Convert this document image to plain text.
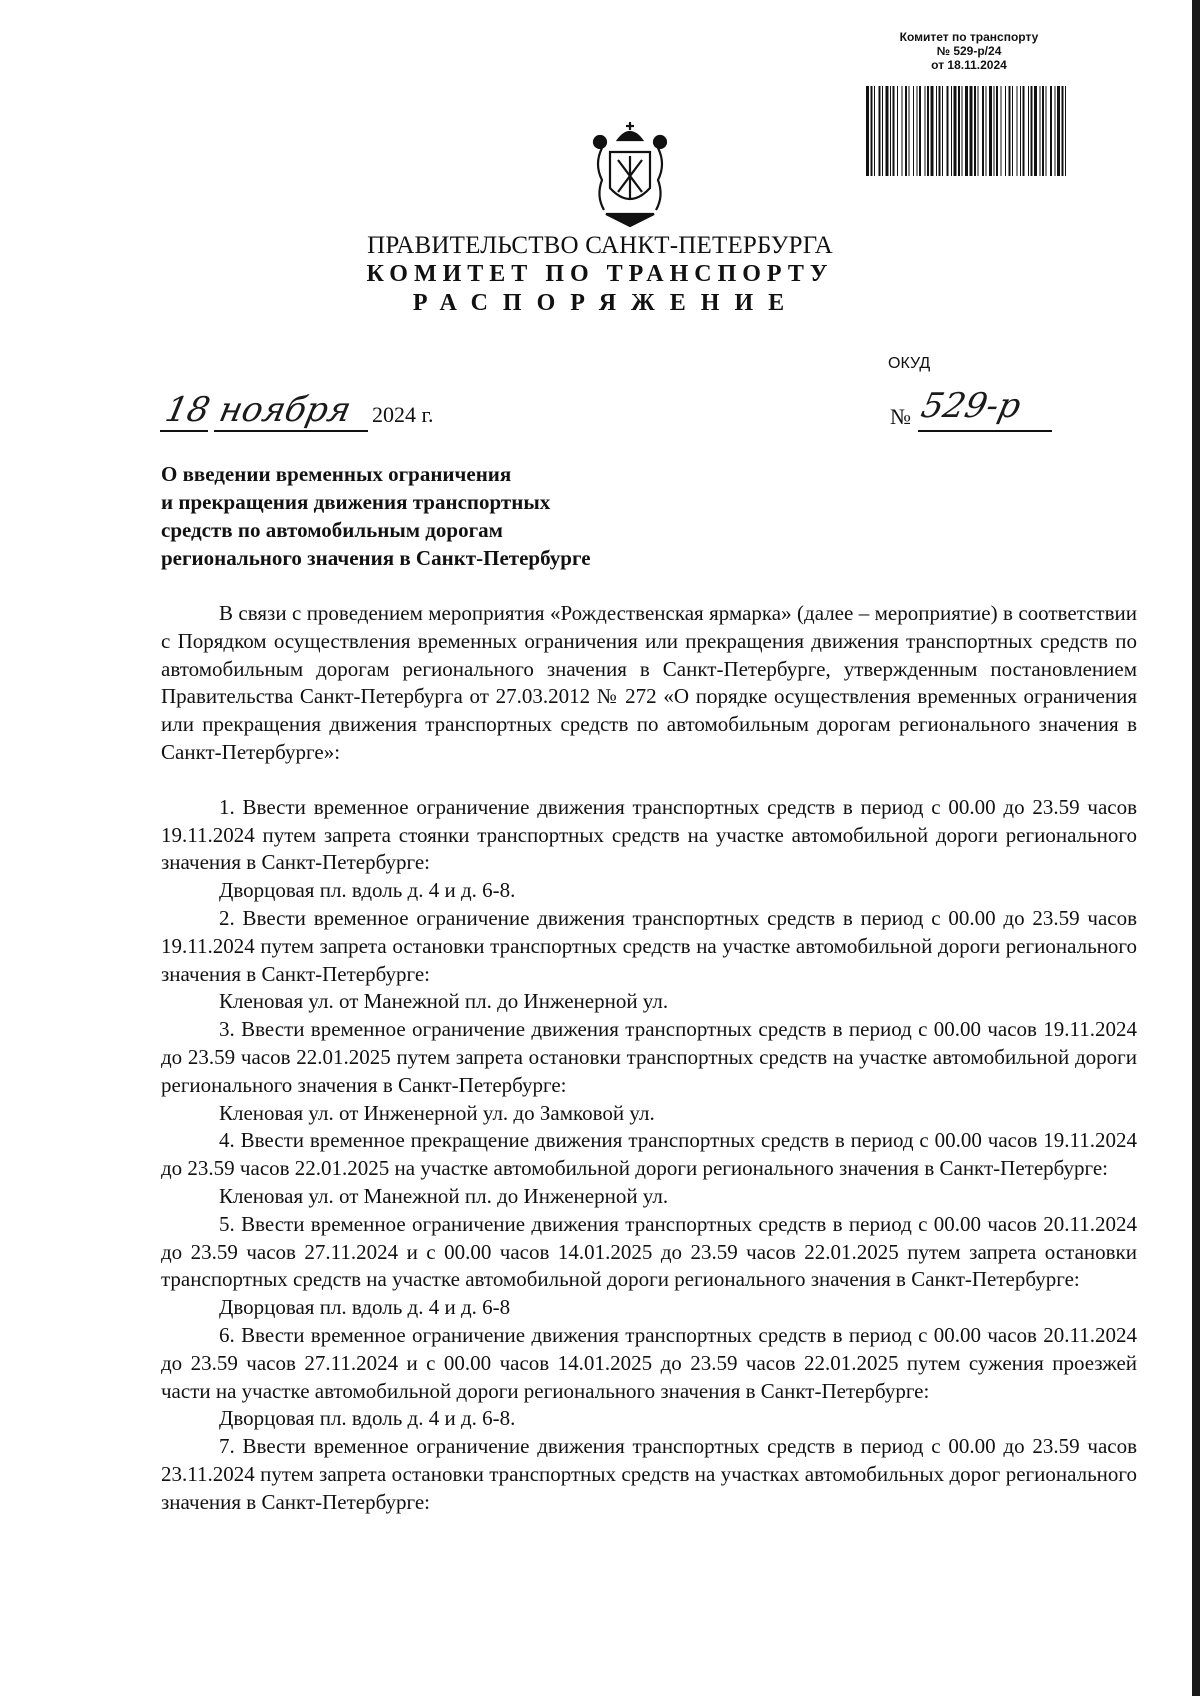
Комитет по транспорту
№ 529-р/24
от 18.11.2024
ПРАВИТЕЛЬСТВО САНКТ-ПЕТЕРБУРГА
КОМИТЕТ ПО ТРАНСПОРТУ
РАСПОРЯЖЕНИЕ
ОКУД
18 ноября 2024 г.	№ 529-р
О введении временных ограничения
и прекращения движения транспортных
средств по автомобильным дорогам
регионального значения в Санкт-Петербурге

В связи с проведением мероприятия «Рождественская ярмарка» (далее – мероприятие) в соответствии с Порядком осуществления временных ограничения или прекращения движения транспортных средств по автомобильным дорогам регионального значения в Санкт-Петербурге, утвержденным постановлением Правительства Санкт-Петербурга от 27.03.2012 № 272 «О порядке осуществления временных ограничения или прекращения движения транспортных средств по автомобильным дорогам регионального значения в Санкт-Петербурге»:

1. Ввести временное ограничение движения транспортных средств в период с 00.00 до 23.59 часов 19.11.2024 путем запрета стоянки транспортных средств на участке автомобильной дороги регионального значения в Санкт-Петербурге:

Дворцовая пл. вдоль д. 4 и д. 6-8.

2. Ввести временное ограничение движения транспортных средств в период с 00.00 до 23.59 часов 19.11.2024 путем запрета остановки транспортных средств на участке автомобильной дороги регионального значения в Санкт-Петербурге:

Кленовая ул. от Манежной пл. до Инженерной ул.

3. Ввести временное ограничение движения транспортных средств в период с 00.00 часов 19.11.2024 до 23.59 часов 22.01.2025 путем запрета остановки транспортных средств на участке автомобильной дороги регионального значения в Санкт-Петербурге:

Кленовая ул. от Инженерной ул. до Замковой ул.

4. Ввести временное прекращение движения транспортных средств в период с 00.00 часов 19.11.2024 до 23.59 часов 22.01.2025 на участке автомобильной дороги регионального значения в Санкт-Петербурге:

Кленовая ул. от Манежной пл. до Инженерной ул.

5. Ввести временное ограничение движения транспортных средств в период с 00.00 часов 20.11.2024 до 23.59 часов 27.11.2024 и с 00.00 часов 14.01.2025 до 23.59 часов 22.01.2025 путем запрета остановки транспортных средств на участке автомобильной дороги регионального значения в Санкт-Петербурге:

Дворцовая пл. вдоль д. 4 и д. 6-8

6. Ввести временное ограничение движения транспортных средств в период с 00.00 часов 20.11.2024 до 23.59 часов 27.11.2024 и с 00.00 часов 14.01.2025 до 23.59 часов 22.01.2025 путем сужения проезжей части на участке автомобильной дороги регионального значения в Санкт-Петербурге:

Дворцовая пл. вдоль д. 4 и д. 6-8.

7. Ввести временное ограничение движения транспортных средств в период с 00.00 до 23.59 часов 23.11.2024 путем запрета остановки транспортных средств на участках автомобильных дорог регионального значения в Санкт-Петербурге:
